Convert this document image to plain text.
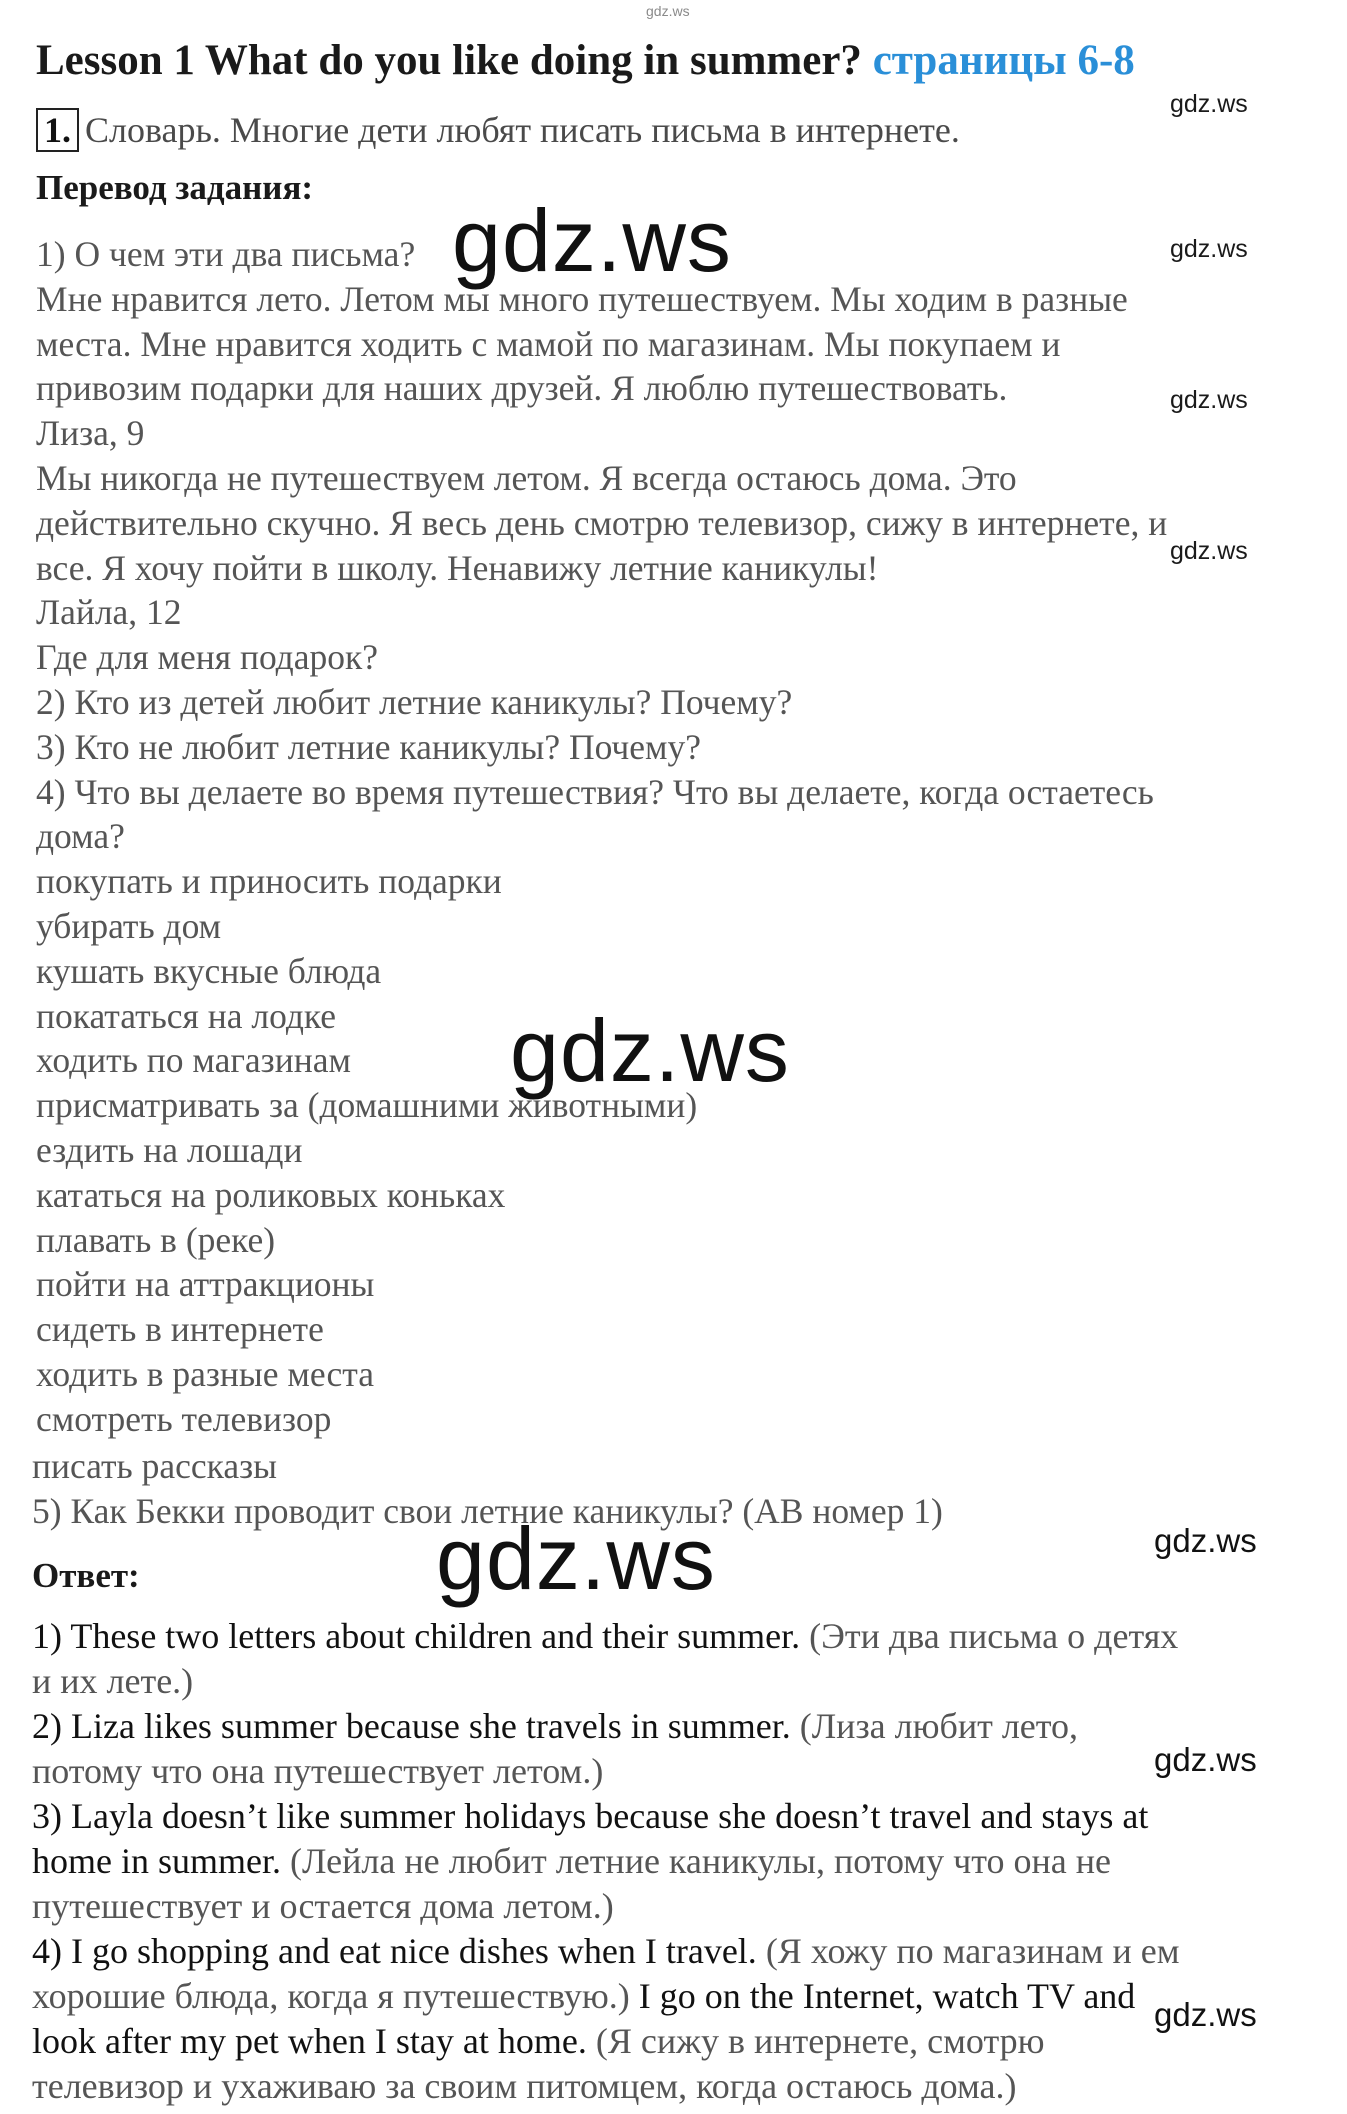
gdz.ws
Lesson 1 What do you like doing in summer? страницы 6-8
1. Словарь. Многие дети любят писать письма в интернете.
Перевод задания:
1) О чем эти два письма?
Мне нравится лето. Летом мы много путешествуем. Мы ходим в разные
места. Мне нравится ходить с мамой по магазинам. Мы покупаем и
привозим подарки для наших друзей. Я люблю путешествовать.
Лиза, 9
Мы никогда не путешествуем летом. Я всегда остаюсь дома. Это
действительно скучно. Я весь день смотрю телевизор, сижу в интернете, и
все. Я хочу пойти в школу. Ненавижу летние каникулы!
Лайла, 12
Где для меня подарок?
2) Кто из детей любит летние каникулы? Почему?
3) Кто не любит летние каникулы? Почему?
4) Что вы делаете во время путешествия? Что вы делаете, когда остаетесь
дома?
покупать и приносить подарки
убирать дом
кушать вкусные блюда
покататься на лодке
ходить по магазинам
присматривать за (домашними животными)
ездить на лошади
кататься на роликовых коньках
плавать в (реке)
пойти на аттракционы
сидеть в интернете
ходить в разные места
смотреть телевизор
писать рассказы
5) Как Бекки проводит свои летние каникулы? (АВ номер 1)
Ответ:
1) These two letters about children and their summer. (Эти два письма о детях
и их лете.)
2) Liza likes summer because she travels in summer. (Лиза любит лето,
потому что она путешествует летом.)
3) Layla doesn’t like summer holidays because she doesn’t travel and stays at
home in summer. (Лейла не любит летние каникулы, потому что она не
путешествует и остается дома летом.)
4) I go shopping and eat nice dishes when I travel. (Я хожу по магазинам и ем
хорошие блюда, когда я путешествую.) I go on the Internet, watch TV and
look after my pet when I stay at home. (Я сижу в интернете, смотрю
телевизор и ухаживаю за своим питомцем, когда остаюсь дома.)
gdz.ws
gdz.ws	gdz.ws
gdz.ws
gdz.ws
gdz.ws
gdz.ws
gdz.ws
gdz.ws
gdz.ws
